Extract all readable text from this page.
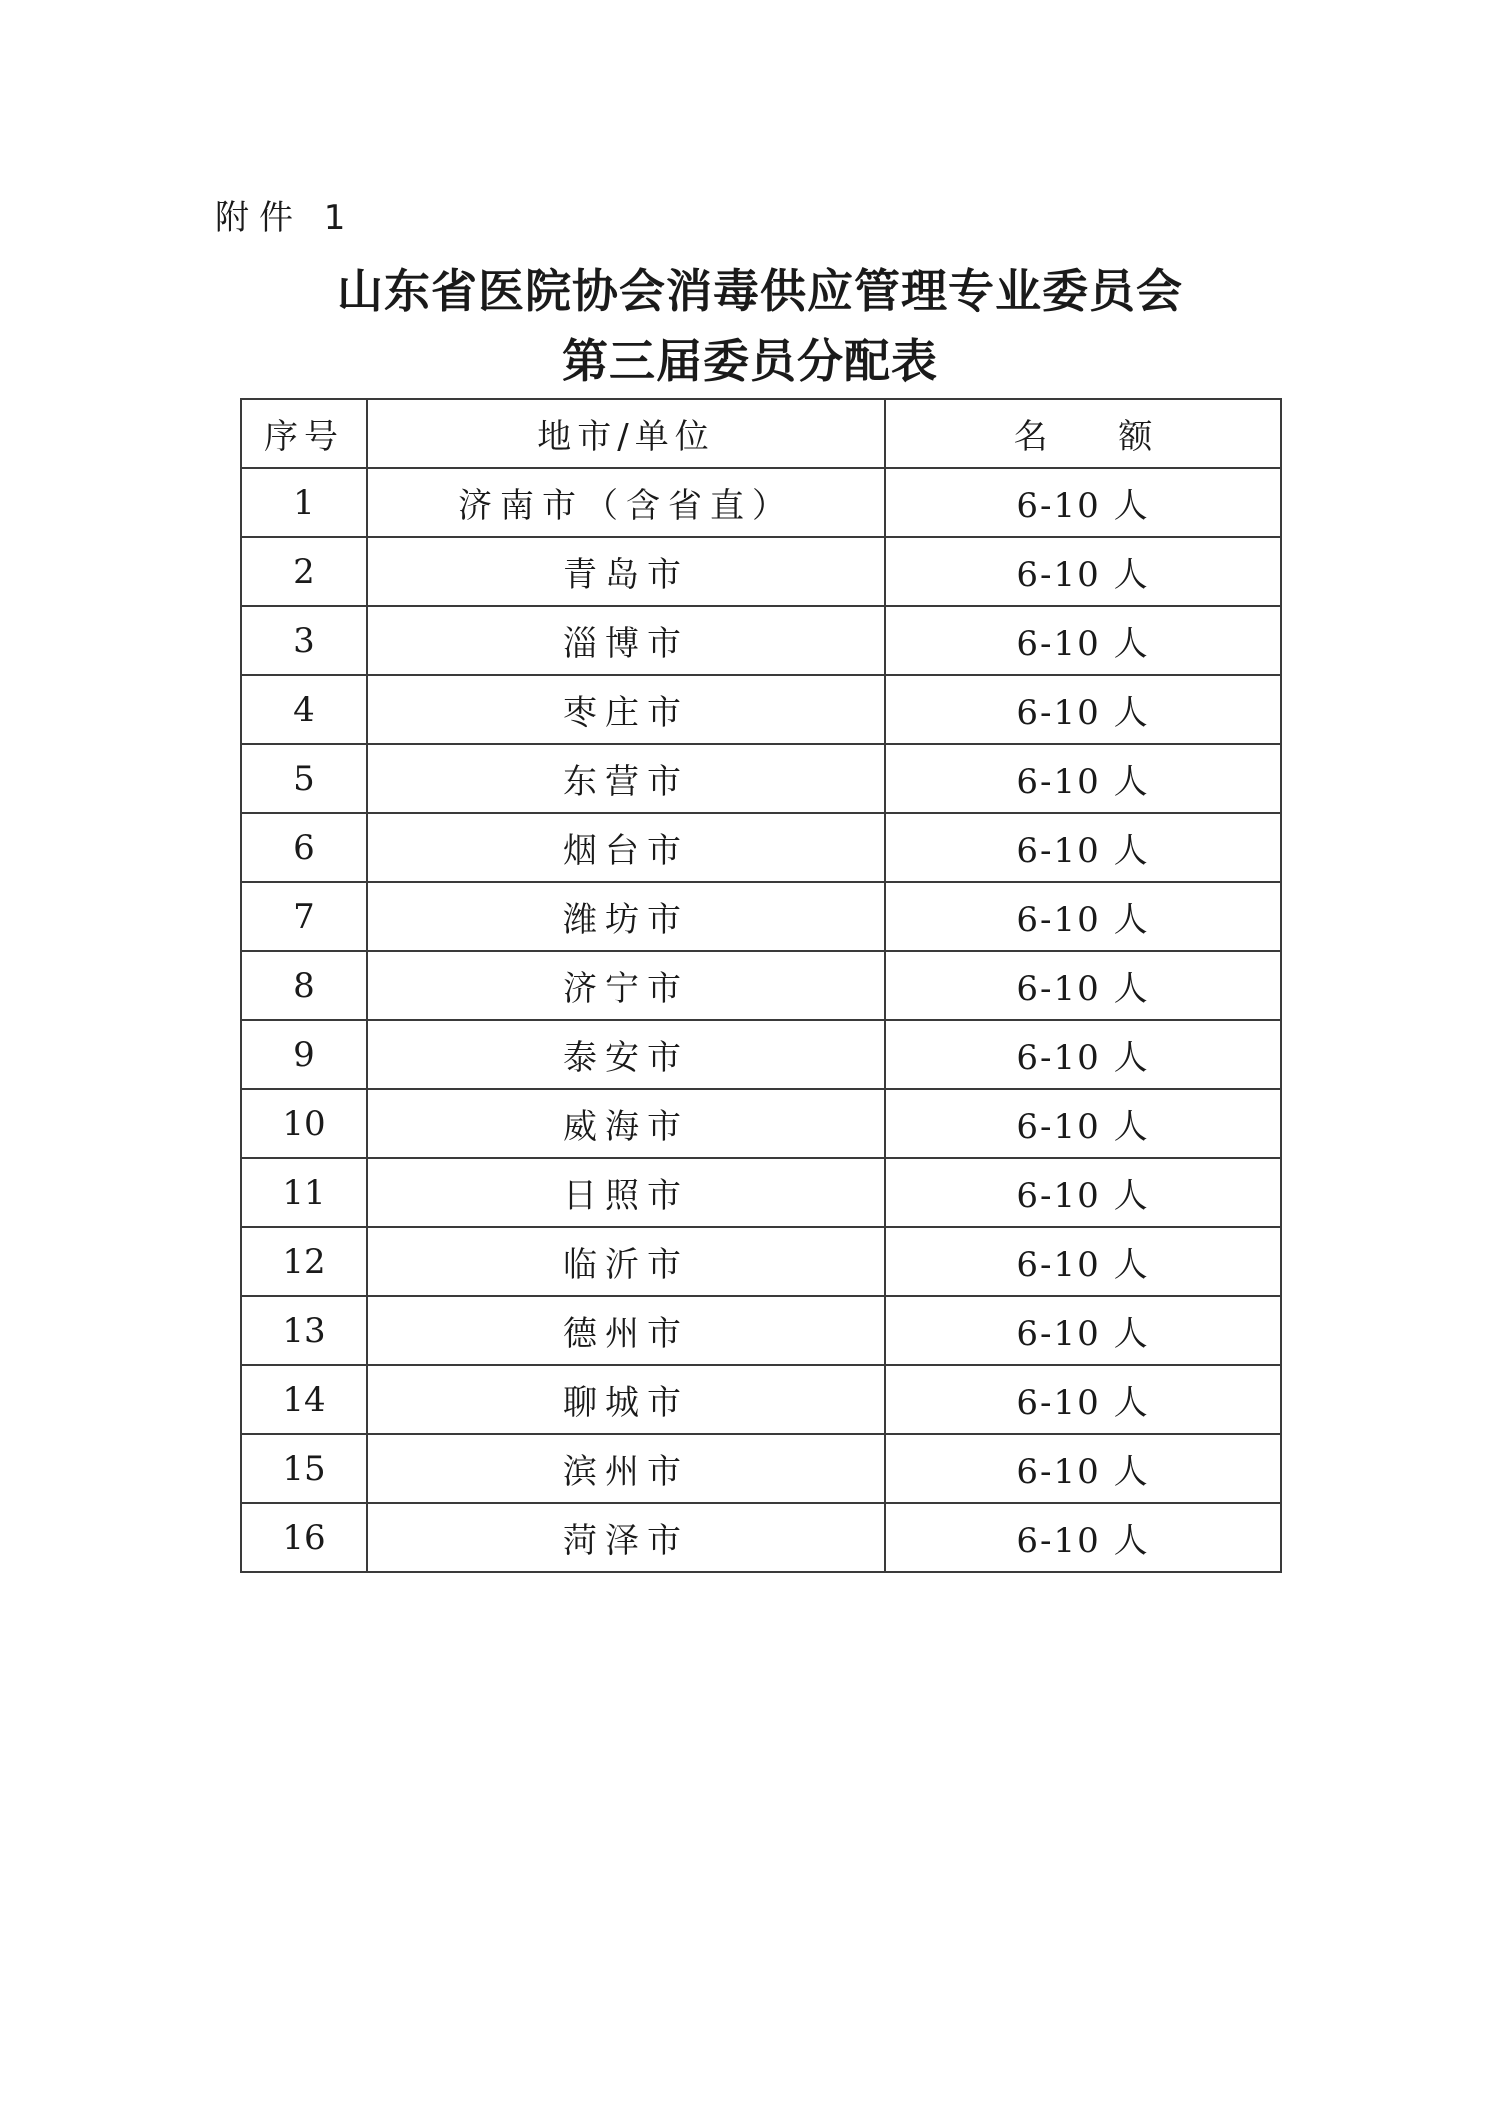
附件 1
山东省医院协会消毒供应管理专业委员会
第三届委员分配表
序号	地市/单位	名 额
1	济南市（含省直）	6-10 人
2	青岛市	6-10 人
3	淄博市	6-10 人
4	枣庄市	6-10 人
5	东营市	6-10 人
6	烟台市	6-10 人
7	潍坊市	6-10 人
8	济宁市	6-10 人
9	泰安市	6-10 人
10	威海市	6-10 人
11	日照市	6-10 人
12	临沂市	6-10 人
13	德州市	6-10 人
14	聊城市	6-10 人
15	滨州市	6-10 人
16	菏泽市	6-10 人
